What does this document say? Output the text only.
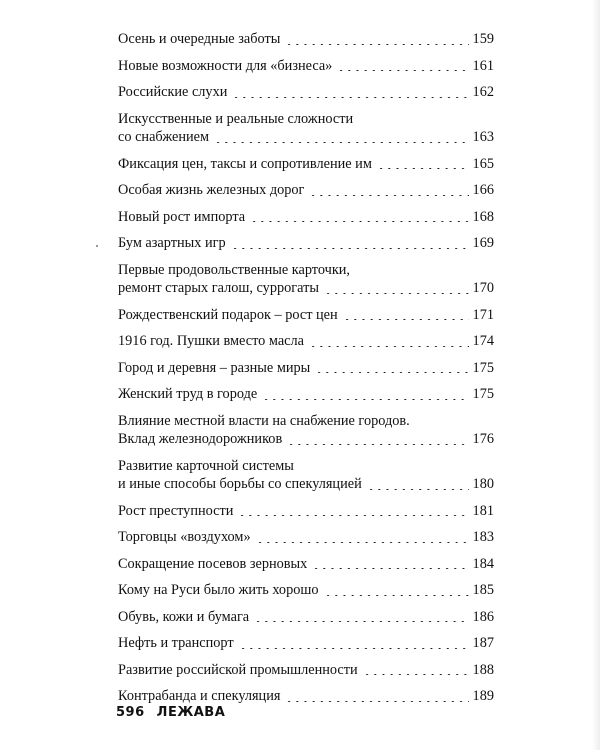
Осень и очередные заботы	159
Новые возможности для «бизнеса»	161
Российские слухи	162
Искусственные и реальные сложности
со снабжением	163
Фиксация цен, таксы и сопротивление им	165
Особая жизнь железных дорог	166
Новый рост импорта	168
Бум азартных игр	169
Первые продовольственные карточки,
ремонт старых галош, суррогаты	170
Рождественский подарок – рост цен	171
1916 год. Пушки вместо масла	174
Город и деревня – разные миры	175
Женский труд в городе	175
Влияние местной власти на снабжение городов.
Вклад железнодорожников	176
Развитие карточной системы
и иные способы борьбы со спекуляцией	180
Рост преступности	181
Торговцы «воздухом»	183
Сокращение посевов зерновых	184
Кому на Руси было жить хорошо	185
Обувь, кожи и бумага	186
Нефть и транспорт	187
Развитие российской промышленности	188
Контрабанда и спекуляция	189
596 ЛЕЖАВА
